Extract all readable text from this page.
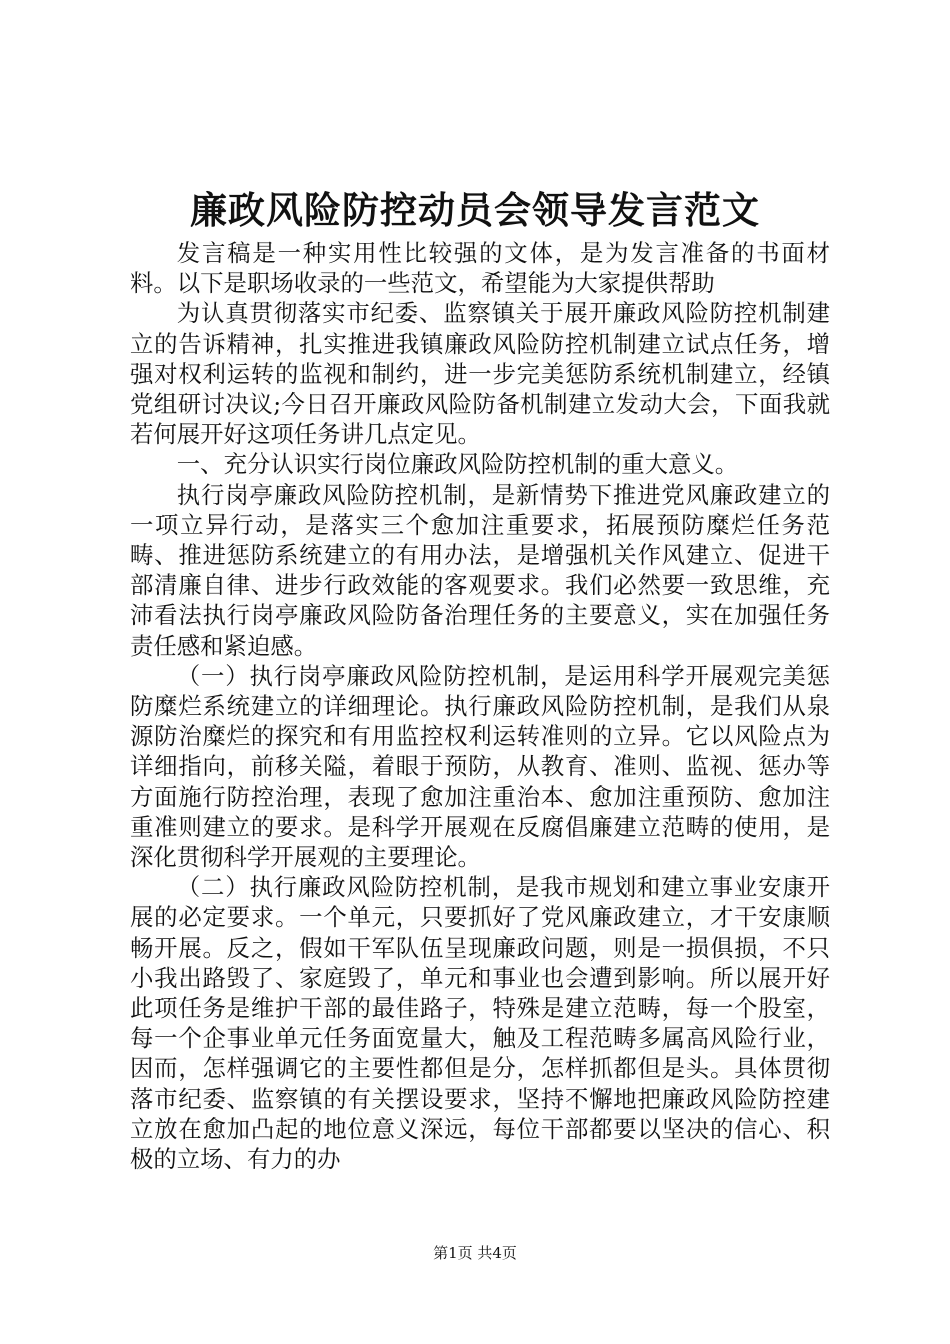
廉政风险防控动员会领导发言范文

发言稿是一种实用性比较强的文体，是为发言准备的书面材料。以下是职场收录的一些范文，希望能为大家提供帮助

为认真贯彻落实市纪委、监察镇关于展开廉政风险防控机制建立的告诉精神，扎实推进我镇廉政风险防控机制建立试点任务，增强对权利运转的监视和制约，进一步完美惩防系统机制建立，经镇党组研讨决议;今日召开廉政风险防备机制建立发动大会，下面我就若何展开好这项任务讲几点定见。

一、充分认识实行岗位廉政风险防控机制的重大意义。

执行岗亭廉政风险防控机制，是新情势下推进党风廉政建立的一项立异行动，是落实三个愈加注重要求，拓展预防糜烂任务范畴、推进惩防系统建立的有用办法，是增强机关作风建立、促进干部清廉自律、进步行政效能的客观要求。我们必然要一致思维，充沛看法执行岗亭廉政风险防备治理任务的主要意义，实在加强任务责任感和紧迫感。

（一）执行岗亭廉政风险防控机制，是运用科学开展观完美惩防糜烂系统建立的详细理论。执行廉政风险防控机制，是我们从泉源防治糜烂的探究和有用监控权利运转准则的立异。它以风险点为详细指向，前移关隘，着眼于预防，从教育、准则、监视、惩办等方面施行防控治理，表现了愈加注重治本、愈加注重预防、愈加注重准则建立的要求。是科学开展观在反腐倡廉建立范畴的使用，是深化贯彻科学开展观的主要理论。

（二）执行廉政风险防控机制，是我市规划和建立事业安康开展的必定要求。一个单元，只要抓好了党风廉政建立，才干安康顺畅开展。反之，假如干军队伍呈现廉政问题，则是一损俱损，不只小我出路毁了、家庭毁了，单元和事业也会遭到影响。所以展开好此项任务是维护干部的最佳路子，特殊是建立范畴，每一个股室，每一个企事业单元任务面宽量大，触及工程范畴多属高风险行业，因而，怎样强调它的主要性都但是分，怎样抓都但是头。具体贯彻落市纪委、监察镇的有关摆设要求，坚持不懈地把廉政风险防控建立放在愈加凸起的地位意义深远，每位干部都要以坚决的信心、积极的立场、有力的办

第1页 共4页
